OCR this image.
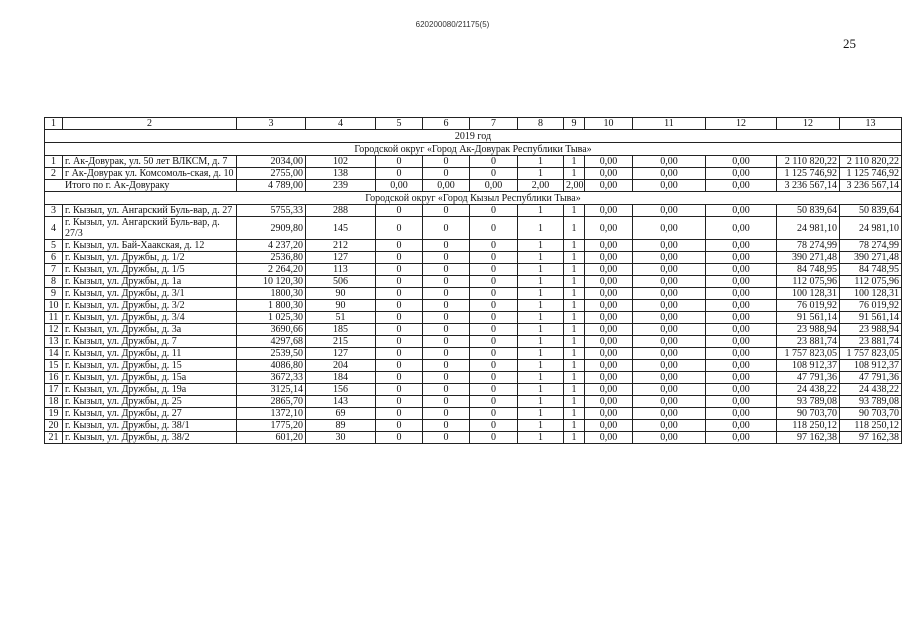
620200080/21175(5)
25
1	2	3	4	5	6	7	8	9	10	11	12	12	13
2019 год													
Городской округ «Город Ак-Довурак Республики Тыва»													
1	г. Ак-Довурак, ул. 50 лет ВЛКСМ, д. 7	2034,00	102	0	0	0	1	1	0,00	0,00	0,00	2 110 820,22	2 110 820,22
2	г Ак-Довурак ул. Комсомоль-ская, д. 10	2755,00	138	0	0	0	1	1	0,00	0,00	0,00	1 125 746,92	1 125 746,92
Итого по г. Ак-Довураку		4 789,00	239	0,00	0,00	0,00	2,00	2,00	0,00	0,00	0,00	3 236 567,14	3 236 567,14
Городской округ «Город Кызыл Республики Тыва»													
3	г. Кызыл, ул. Ангарский Буль-вар, д. 27	5755,33	288	0	0	0	1	1	0,00	0,00	0,00	50 839,64	50 839,64
4	г. Кызыл, ул. Ангарский Буль-вар, д. 27/3	2909,80	145	0	0	0	1	1	0,00	0,00	0,00	24 981,10	24 981,10
5	г. Кызыл, ул. Бай-Хаакская, д. 12	4 237,20	212	0	0	0	1	1	0,00	0,00	0,00	78 274,99	78 274,99
6	г. Кызыл, ул. Дружбы, д. 1/2	2536,80	127	0	0	0	1	1	0,00	0,00	0,00	390 271,48	390 271,48
7	г. Кызыл, ул. Дружбы, д. 1/5	2 264,20	113	0	0	0	1	1	0,00	0,00	0,00	84 748,95	84 748,95
8	г. Кызыл, ул. Дружбы, д. 1а	10 120,30	506	0	0	0	1	1	0,00	0,00	0,00	112 075,96	112 075,96
9	г. Кызыл, ул. Дружбы, д. 3/1	1800,30	90	0	0	0	1	1	0,00	0,00	0,00	100 128,31	100 128,31
10	г. Кызыл, ул. Дружбы, д. 3/2	1 800,30	90	0	0	0	1	1	0,00	0,00	0,00	76 019,92	76 019,92
11	г. Кызыл, ул. Дружбы, д. 3/4	1 025,30	51	0	0	0	1	1	0,00	0,00	0,00	91 561,14	91 561,14
12	г. Кызыл, ул. Дружбы, д. 3а	3690,66	185	0	0	0	1	1	0,00	0,00	0,00	23 988,94	23 988,94
13	г. Кызыл, ул. Дружбы, д. 7	4297,68	215	0	0	0	1	1	0,00	0,00	0,00	23 881,74	23 881,74
14	г. Кызыл, ул. Дружбы, д. 11	2539,50	127	0	0	0	1	1	0,00	0,00	0,00	1 757 823,05	1 757 823,05
15	г. Кызыл, ул. Дружбы, д. 15	4086,80	204	0	0	0	1	1	0,00	0,00	0,00	108 912,37	108 912,37
16	г. Кызыл, ул. Дружбы, д. 15а	3672,33	184	0	0	0	1	1	0,00	0,00	0,00	47 791,36	47 791,36
17	г. Кызыл, ул. Дружбы, д. 19а	3125,14	156	0	0	0	1	1	0,00	0,00	0,00	24 438,22	24 438,22
18	г. Кызыл, ул. Дружбы, д. 25	2865,70	143	0	0	0	1	1	0,00	0,00	0,00	93 789,08	93 789,08
19	г. Кызыл, ул. Дружбы, д. 27	1372,10	69	0	0	0	1	1	0,00	0,00	0,00	90 703,70	90 703,70
20	г. Кызыл, ул. Дружбы, д. 38/1	1775,20	89	0	0	0	1	1	0,00	0,00	0,00	118 250,12	118 250,12
21	г. Кызыл, ул. Дружбы, д. 38/2	601,20	30	0	0	0	1	1	0,00	0,00	0,00	97 162,38	97 162,38
